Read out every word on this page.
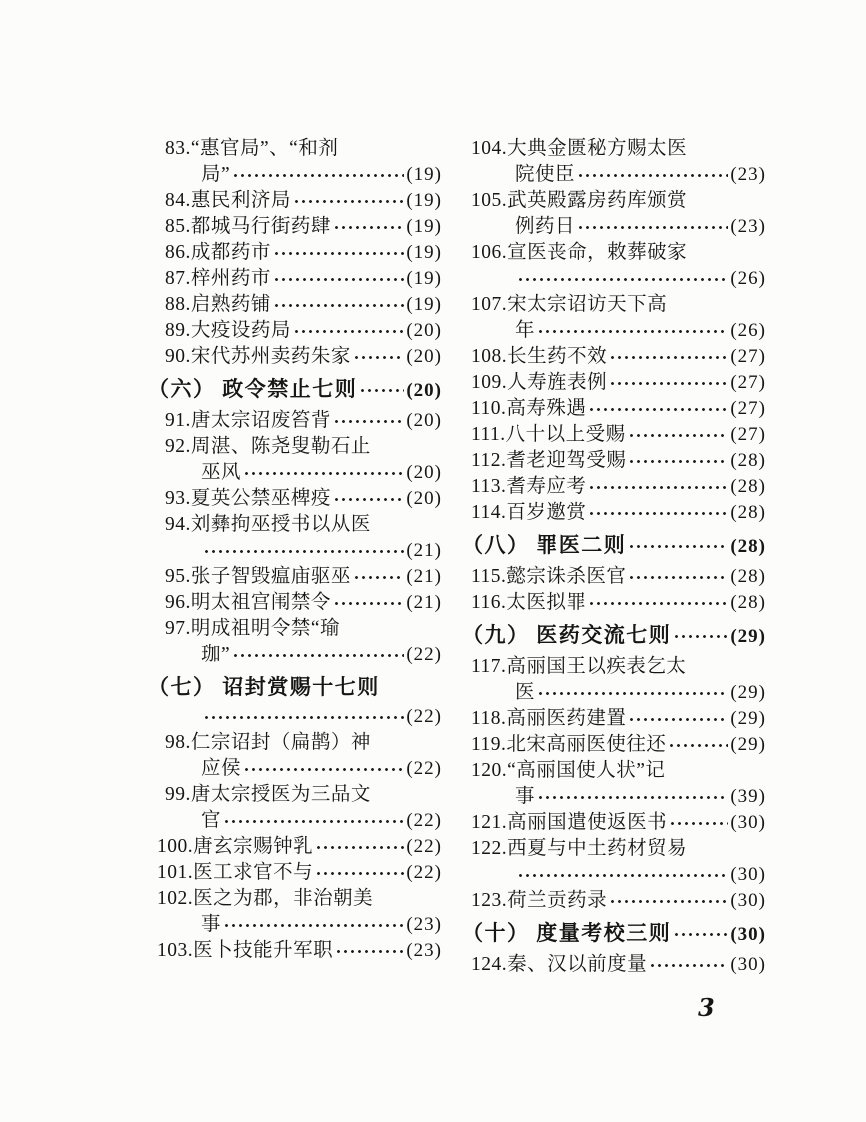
83.“惠官局”、“和剂
局”	(19)
84.惠民利济局	(19)
85.都城马行街药肆	(19)
86.成都药市	(19)
87.梓州药市	(19)
88.启熟药铺	(19)
89.大疫设药局	(20)
90.宋代苏州卖药朱家	(20)
（六） 政令禁止七则	(20)
91.唐太宗诏废笞背	(20)
92.周湛、陈尧叟勒石止
巫风	(20)
93.夏英公禁巫椑疫	(20)
94.刘彝拘巫授书以从医
(21)
95.张子智毁瘟庙驱巫	(21)
96.明太祖宫闱禁令	(21)
97.明成祖明令禁“瑜
珈”	(22)
（七） 诏封赏赐十七则
(22)
98.仁宗诏封（扁鹊）神
应侯	(22)
99.唐太宗授医为三品文
官	(22)
100.唐玄宗赐钟乳	(22)
101.医工求官不与	(22)
102.医之为郡，非治朝美
事	(23)
103.医卜技能升军职	(23)
104.大典金匮秘方赐太医
院使臣	(23)
105.武英殿露房药库颁赏
例药日	(23)
106.宣医丧命，敕葬破家
(26)
107.宋太宗诏访天下高
年	(26)
108.长生药不效	(27)
109.人寿旌表例	(27)
110.高寿殊遇	(27)
111.八十以上受赐	(27)
112.耆老迎驾受赐	(28)
113.耆寿应考	(28)
114.百岁邀赏	(28)
（八） 罪医二则	(28)
115.懿宗诛杀医官	(28)
116.太医拟罪	(28)
（九） 医药交流七则	(29)
117.高丽国王以疾表乞太
医	(29)
118.高丽医药建置	(29)
119.北宋高丽医使往还	(29)
120.“高丽国使人状”记
事	(39)
121.高丽国遣使返医书	(30)
122.西夏与中土药材贸易
(30)
123.荷兰贡药录	(30)
（十） 度量考校三则	(30)
124.秦、汉以前度量	(30)
3
